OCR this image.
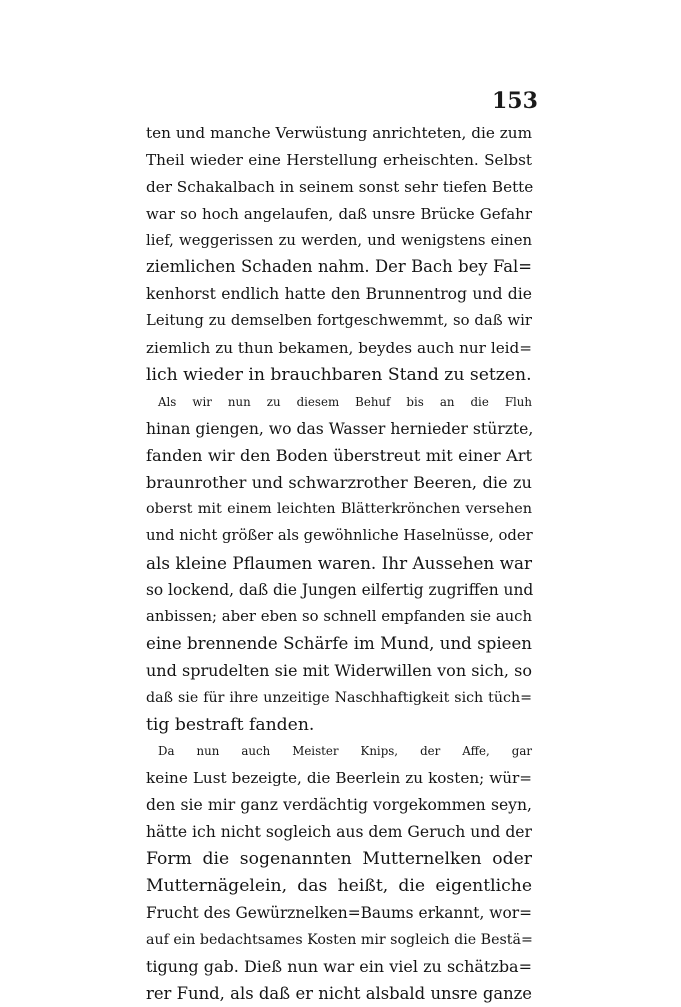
153
ten und manche Verwüstung anrichteten, die zum
Theil wieder eine Herstellung erheischten. Selbst
der Schakalbach in seinem sonst sehr tiefen Bette
war so hoch angelaufen, daß unsre Brücke Gefahr
lief, weggerissen zu werden, und wenigstens einen
ziemlichen Schaden nahm. Der Bach bey Fal=
kenhorst endlich hatte den Brunnentrog und die
Leitung zu demselben fortgeschwemmt, so daß wir
ziemlich zu thun bekamen, beydes auch nur leid=
lich wieder in brauchbaren Stand zu setzen.
Als wir nun zu diesem Behuf bis an die Fluh
hinan giengen, wo das Wasser hernieder stürzte,
fanden wir den Boden überstreut mit einer Art
braunrother und schwarzrother Beeren, die zu
oberst mit einem leichten Blätterkrönchen versehen
und nicht größer als gewöhnliche Haselnüsse, oder
als kleine Pflaumen waren. Ihr Aussehen war
so lockend, daß die Jungen eilfertig zugriffen und
anbissen; aber eben so schnell empfanden sie auch
eine brennende Schärfe im Mund, und spieen
und sprudelten sie mit Widerwillen von sich, so
daß sie für ihre unzeitige Naschhaftigkeit sich tüch=
tig bestraft fanden.
Da nun auch Meister Knips, der Affe, gar
keine Lust bezeigte, die Beerlein zu kosten; wür=
den sie mir ganz verdächtig vorgekommen seyn,
hätte ich nicht sogleich aus dem Geruch und der
Form die sogenannten Mutternelken oder
Mutternägelein, das heißt, die eigentliche
Frucht des Gewürznelken=Baums erkannt, wor=
auf ein bedachtsames Kosten mir sogleich die Bestä=
tigung gab. Dieß nun war ein viel zu schätzba=
rer Fund, als daß er nicht alsbald unsre ganze
